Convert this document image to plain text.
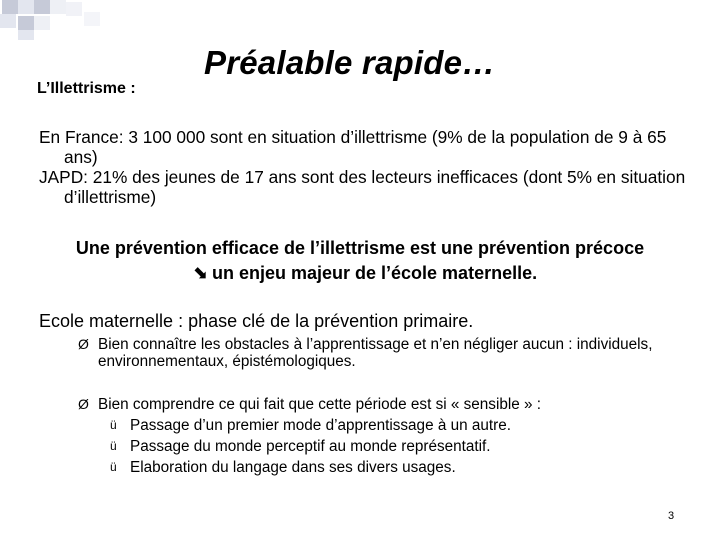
L’Illettrisme :
Préalable rapide…
En France: 3 100 000 sont en situation d’illettrisme (9% de la population de 9 à 65 ans)
JAPD: 21% des jeunes de 17 ans sont des lecteurs inefficaces (dont 5% en situation d’illettrisme)
Une prévention efficace de l’illettrisme est une prévention précoce
➡un enjeu majeur de l’école maternelle.
Ecole maternelle : phase clé de la prévention primaire.
Ø Bien connaître les obstacles à l’apprentissage et n’en négliger aucun : individuels, environnementaux, épistémologiques.
Ø Bien comprendre ce qui fait que cette période est si « sensible » :
ü Passage d’un premier mode d’apprentissage à un autre.
ü Passage du monde perceptif au monde représentatif.
ü Elaboration du langage dans ses divers usages.
3
